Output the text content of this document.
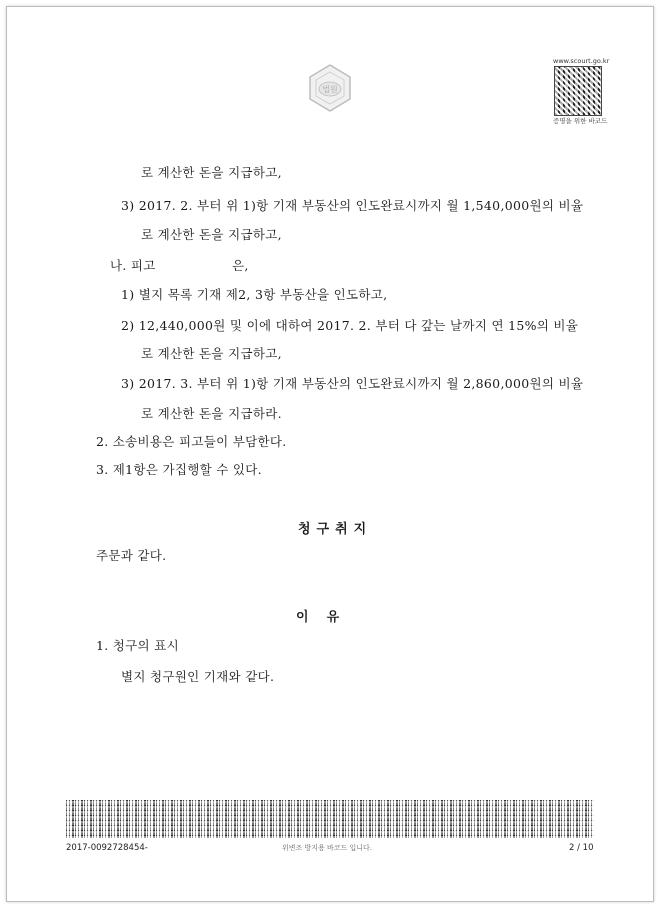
법원
www.scourt.go.kr
증명을 위한 바코드
로 계산한 돈을 지급하고,
3) 2017. 2. 부터 위 1)항 기재 부동산의 인도완료시까지 월 1,540,000원의 비율
로 계산한 돈을 지급하고,
나. 피고	은,
1) 별지 목록 기재 제2, 3항 부동산을 인도하고,
2) 12,440,000원 및 이에 대하여 2017. 2. 부터 다 갚는 날까지 연 15%의 비율
로 계산한 돈을 지급하고,
3) 2017. 3. 부터 위 1)항 기재 부동산의 인도완료시까지 월 2,860,000원의 비율
로 계산한 돈을 지급하라.
2. 소송비용은 피고들이 부담한다.
3. 제1항은 가집행할 수 있다.
청구취지
주문과 같다.
이    유
1. 청구의 표시
별지 청구원인 기재와 같다.
2017-0092728454-	위변조 방지용 바코드 입니다.	2 / 10
